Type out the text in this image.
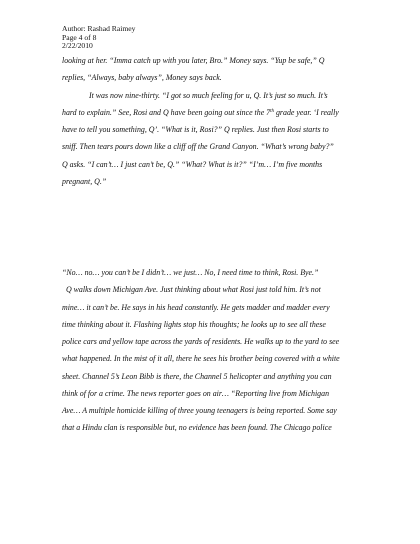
Author: Rashad Raimey
Page 4 of 8
2/22/2010
looking at her. “Imma catch up with you later, Bro.” Money says. “Yup be safe,” Q
replies, “Always, baby always”, Money says back.
It was now nine-thirty. “I got so much feeling for u, Q. It’s just so much. It’s
hard to explain.” See, Rosi and Q have been going out since the 7th grade year. ‘I really
have to tell you something, Q’. “What is it, Rosi?” Q replies. Just then Rosi starts to
sniff. Then tears pours down like a cliff off the Grand Canyon. “What’s wrong baby?”
Q asks. “I can’t… I just can’t be, Q.” “What? What is it?” “I’m… I’m five months
pregnant, Q.”
“No… no… you can’t be I didn’t… we just… No, I need time to think, Rosi. Bye.”
Q walks down Michigan Ave. Just thinking about what Rosi just told him. It’s not
mine… it can’t be. He says in his head constantly. He gets madder and madder every
time thinking about it. Flashing lights stop his thoughts; he looks up to see all these
police cars and yellow tape across the yards of residents. He walks up to the yard to see
what happened. In the mist of it all, there he sees his brother being covered with a white
sheet. Channel 5’s Leon Bibb is there, the Channel 5 helicopter and anything you can
think of for a crime. The news reporter goes on air… “Reporting live from Michigan
Ave… A multiple homicide killing of three young teenagers is being reported. Some say
that a Hindu clan is responsible but, no evidence has been found. The Chicago police
